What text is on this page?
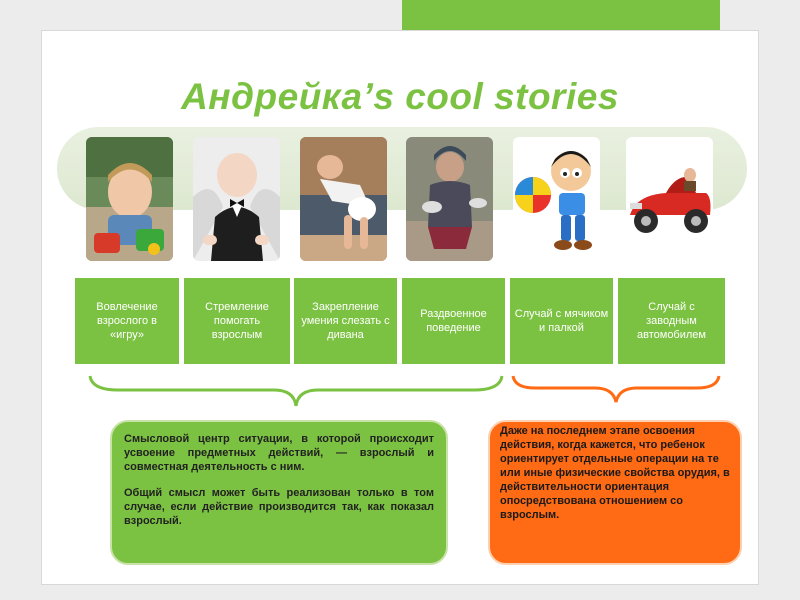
Андрейка’s cool stories
Вовлечение взрослого в «игру»
Стремление помогать взрослым
Закрепление умения слезать с дивана
Раздвоенное поведение
Случай с мячиком и палкой
Случай с заводным автомобилем

Смысловой центр ситуации, в которой происходит усвоение предметных действий, — взрослый и совместная деятельность с ним.

Общий смысл может быть реализован только в том случае, если действие производится так, как показал взрослый.

Даже на последнем этапе освоения действия, когда кажется, что ребенок ориентирует отдельные операции на те или иные физические свойства орудия, в действительности ориентация опосредствована отношением со взрослым.
